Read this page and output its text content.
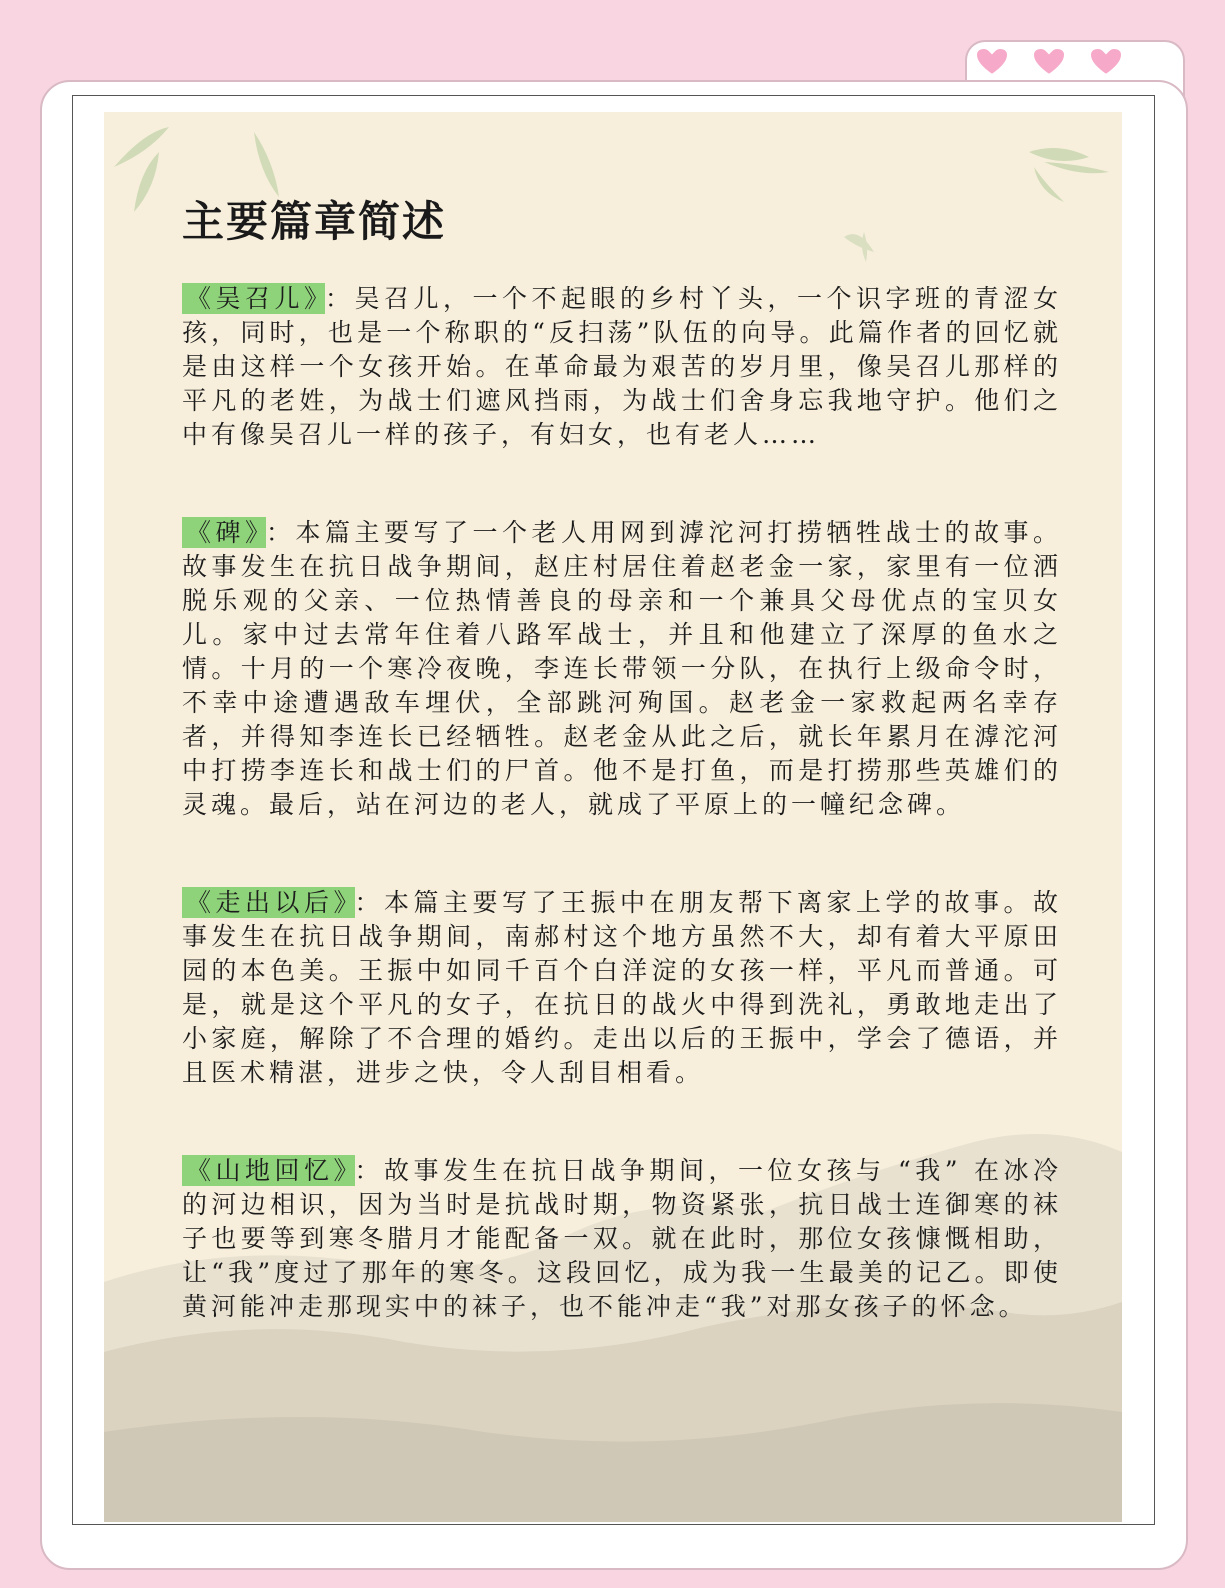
主要篇章简述

《吴召儿》 ：吴召儿，一个不起眼的乡村丫头，一个识字班的青涩女孩，同时，也是一个称职的“反扫荡”队伍的向导。此篇作者的回忆就是由这样一个女孩开始。在革命最为艰苦的岁月里，像吴召儿那样的平凡的老姓，为战士们遮风挡雨，为战士们舍身忘我地守护。他们之中有像吴召儿一样的孩子，有妇女，也有老人……

《碑》 ：本篇主要写了一个老人用网到滹沱河打捞牺牲战士的故事。故事发生在抗日战争期间，赵庄村居住着赵老金一家，家里有一位洒脱乐观的父亲、一位热情善良的母亲和一个兼具父母优点的宝贝女儿。家中过去常年住着八路军战士，并且和他建立了深厚的鱼水之情。十月的一个寒冷夜晚，李连长带领一分队，在执行上级命令时，不幸中途遭遇敌车埋伏，全部跳河殉国。赵老金一家救起两名幸存者，并得知李连长已经牺牲。赵老金从此之后，就长年累月在滹沱河中打捞李连长和战士们的尸首。他不是打鱼，而是打捞那些英雄们的灵魂。最后，站在河边的老人，就成了平原上的一幢纪念碑。

《走出以后》 ：本篇主要写了王振中在朋友帮下离家上学的故事。故事发生在抗日战争期间，南郝村这个地方虽然不大，却有着大平原田园的本色美。王振中如同千百个白洋淀的女孩一样，平凡而普通。可是，就是这个平凡的女子，在抗日的战火中得到洗礼，勇敢地走出了小家庭，解除了不合理的婚约。走出以后的王振中，学会了德语，并且医术精湛，进步之快，令人刮目相看。

《山地回忆》 ：故事发生在抗日战争期间，一位女孩与 “我” 在冰冷的河边相识，因为当时是抗战时期，物资紧张，抗日战士连御寒的袜子也要等到寒冬腊月才能配备一双。就在此时，那位女孩慷慨相助，让“我”度过了那年的寒冬。这段回忆，成为我一生最美的记乙。即使黄河能冲走那现实中的袜子，也不能冲走“我”对那女孩子的怀念。
